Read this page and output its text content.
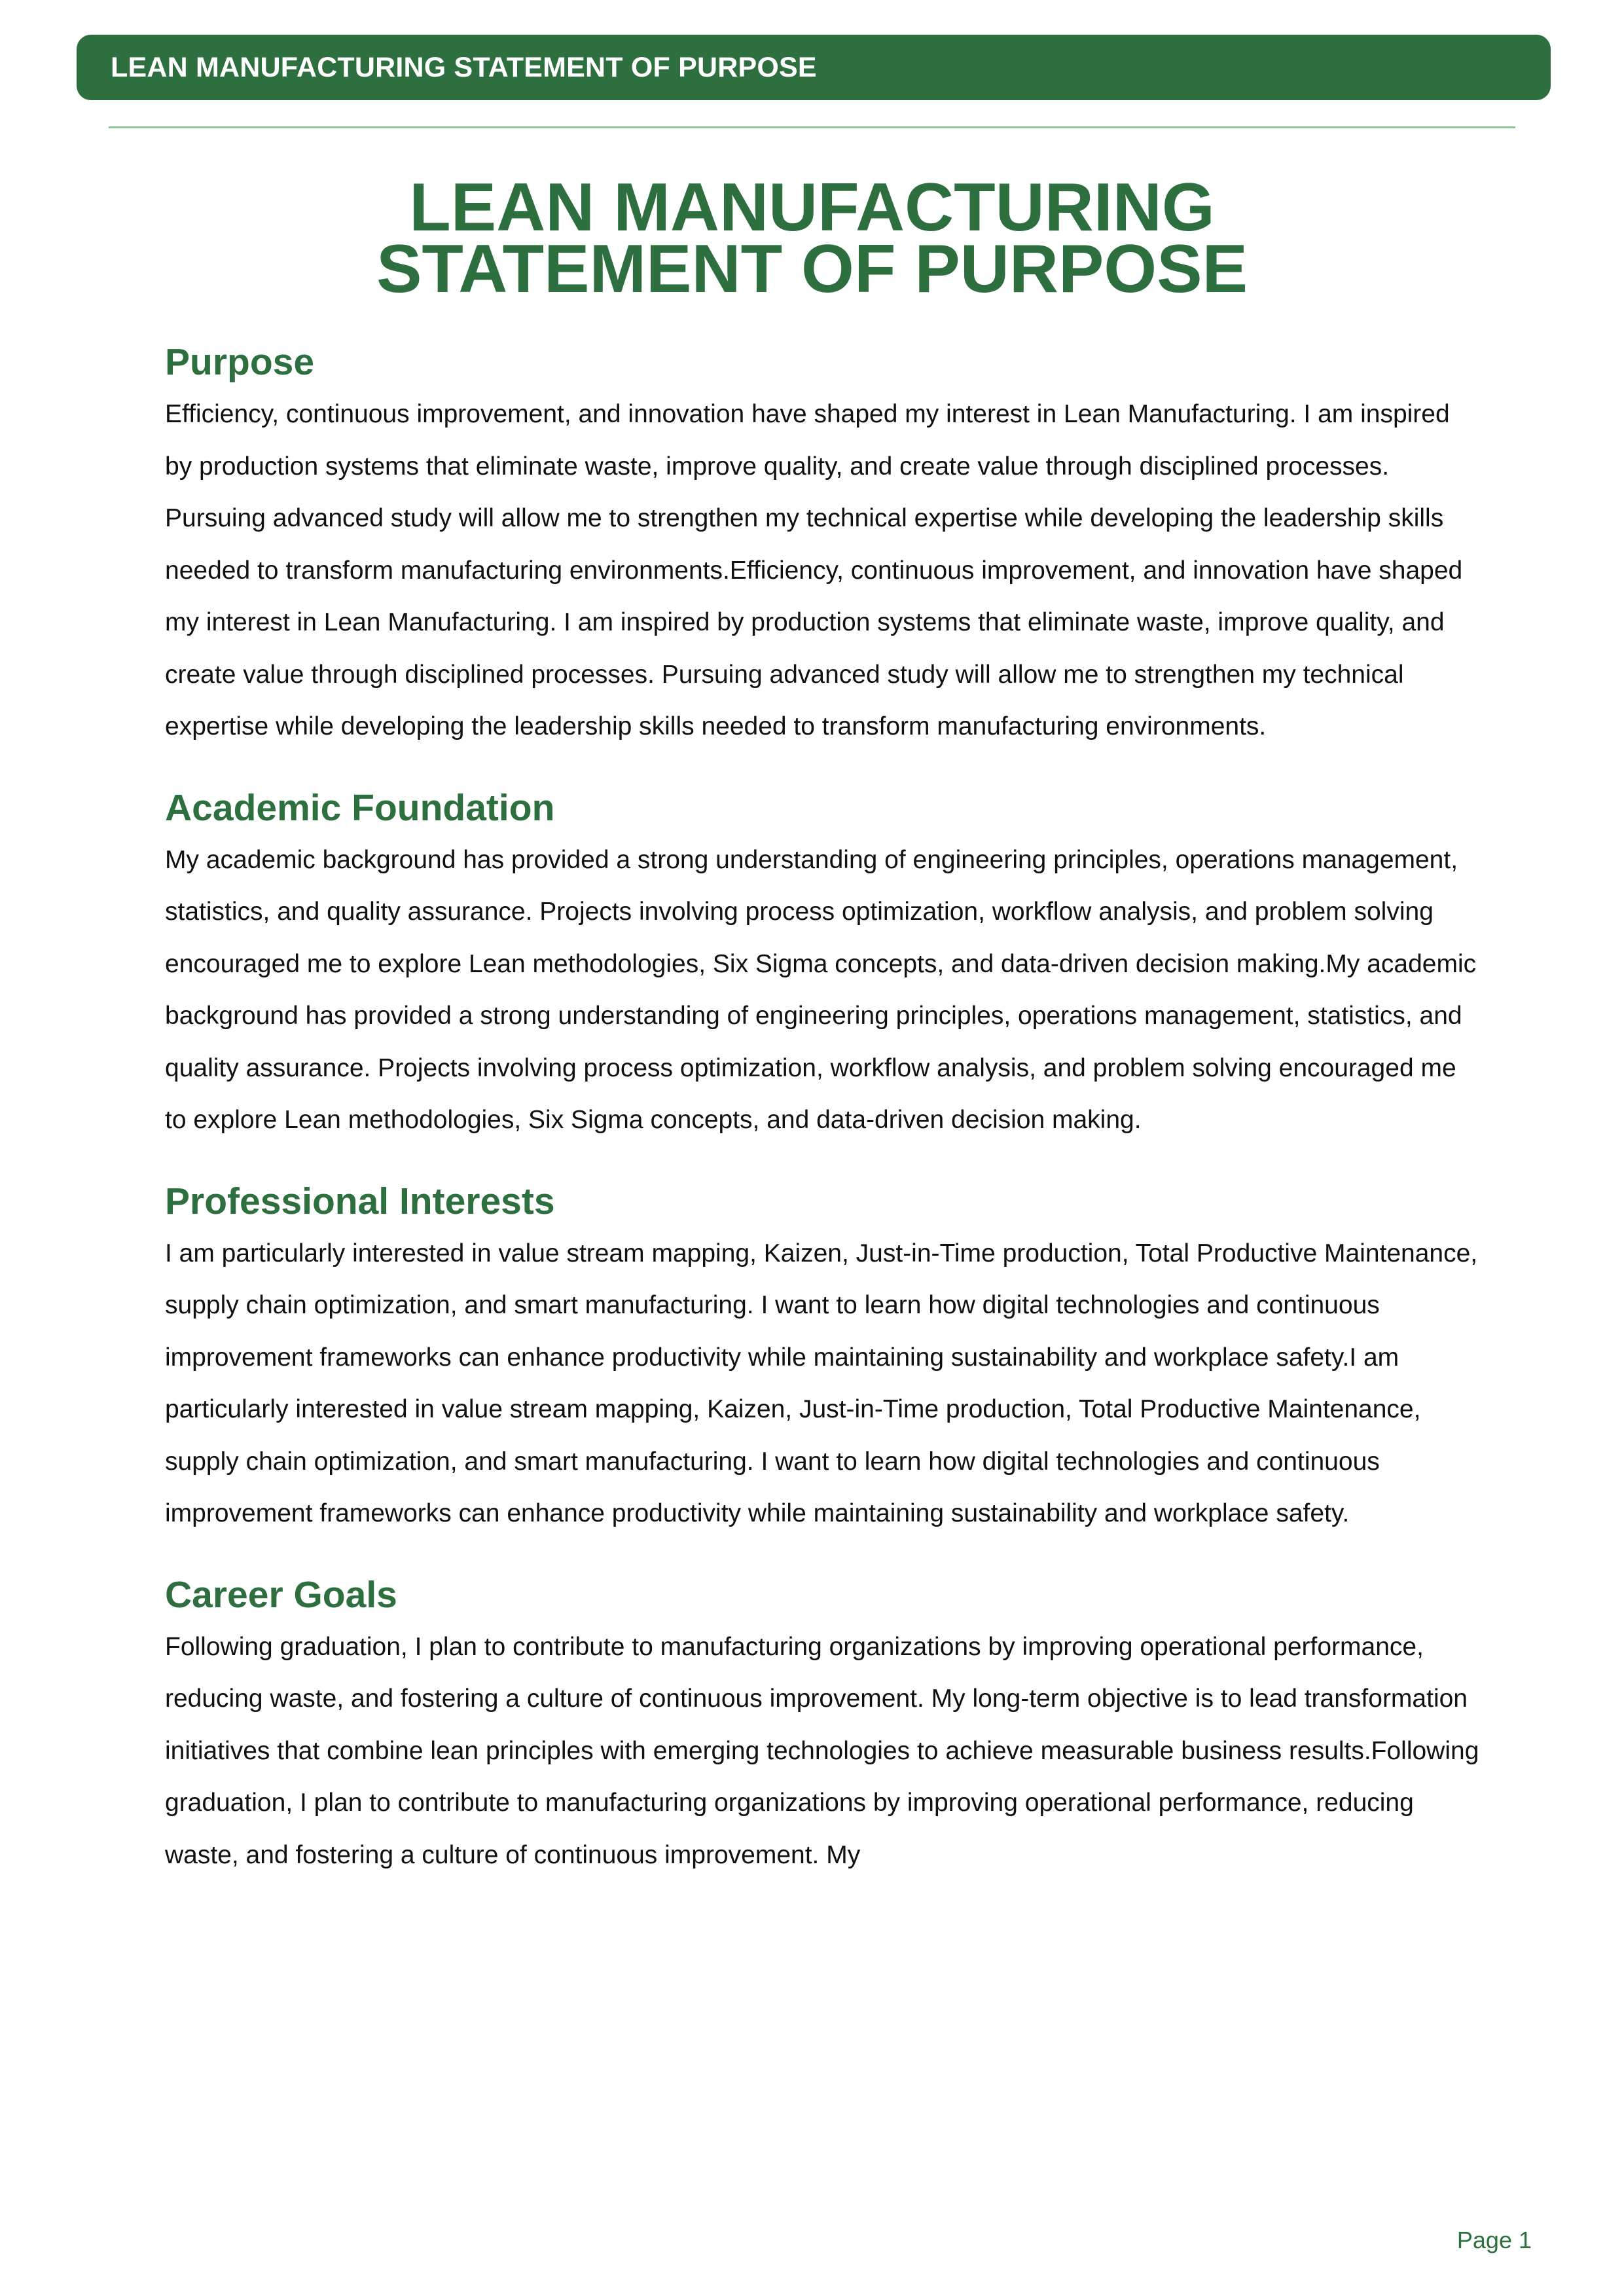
LEAN MANUFACTURING STATEMENT OF PURPOSE
LEAN MANUFACTURING
STATEMENT OF PURPOSE
Purpose

Efficiency, continuous improvement, and innovation have shaped my interest in Lean Manufacturing. I am inspired by production systems that eliminate waste, improve quality, and create value through disciplined processes. Pursuing advanced study will allow me to strengthen my technical expertise while developing the leadership skills needed to transform manufacturing environments.Efficiency, continuous improvement, and innovation have shaped my interest in Lean Manufacturing. I am inspired by production systems that eliminate waste, improve quality, and create value through disciplined processes. Pursuing advanced study will allow me to strengthen my technical expertise while developing the leadership skills needed to transform manufacturing environments.

Academic Foundation

My academic background has provided a strong understanding of engineering principles, operations management, statistics, and quality assurance. Projects involving process optimization, workflow analysis, and problem solving encouraged me to explore Lean methodologies, Six Sigma concepts, and data-driven decision making.My academic background has provided a strong understanding of engineering principles, operations management, statistics, and quality assurance. Projects involving process optimization, workflow analysis, and problem solving encouraged me to explore Lean methodologies, Six Sigma concepts, and data-driven decision making.

Professional Interests

I am particularly interested in value stream mapping, Kaizen, Just-in-Time production, Total Productive Maintenance, supply chain optimization, and smart manufacturing. I want to learn how digital technologies and continuous improvement frameworks can enhance productivity while maintaining sustainability and workplace safety.I am particularly interested in value stream mapping, Kaizen, Just-in-Time production, Total Productive Maintenance, supply chain optimization, and smart manufacturing. I want to learn how digital technologies and continuous improvement frameworks can enhance productivity while maintaining sustainability and workplace safety.

Career Goals

Following graduation, I plan to contribute to manufacturing organizations by improving operational performance, reducing waste, and fostering a culture of continuous improvement. My long-term objective is to lead transformation initiatives that combine lean principles with emerging technologies to achieve measurable business results.Following graduation, I plan to contribute to manufacturing organizations by improving operational performance, reducing waste, and fostering a culture of continuous improvement. My

Page 1
